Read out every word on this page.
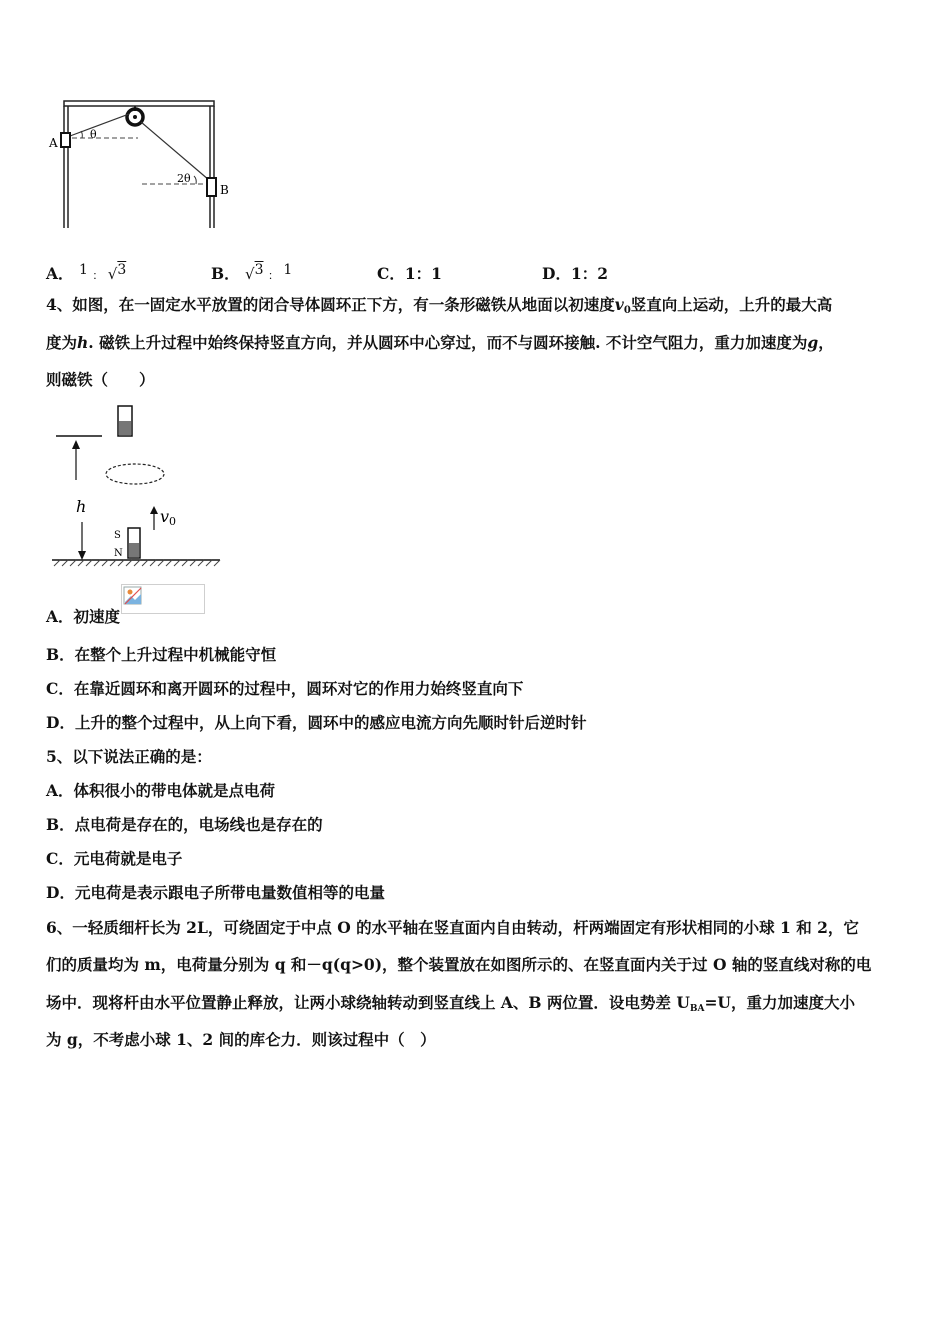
A
B
θ
2θ
A． 1 ： √3	B． √3 ： 1	C．1：1	D．1：2
4、如图，在一固定水平放置的闭合导体圆环正下方，有一条形磁铁从地面以初速度$v_0$竖直向上运动，上升的最大高
度为h. 磁铁上升过程中始终保持竖直方向，并从圆环中心穿过，而不与圆环接触. 不计空气阻力，重力加速度为g，
则磁铁（　　）
h
v0
S
N
A．初速度
B．在整个上升过程中机械能守恒
C．在靠近圆环和离开圆环的过程中，圆环对它的作用力始终竖直向下
D．上升的整个过程中，从上向下看，圆环中的感应电流方向先顺时针后逆时针
5、以下说法正确的是：
A．体积很小的带电体就是点电荷
B．点电荷是存在的，电场线也是存在的
C．元电荷就是电子
D．元电荷是表示跟电子所带电量数值相等的电量
6、一轻质细杆长为 2L，可绕固定于中点 O 的水平轴在竖直面内自由转动，杆两端固定有形状相同的小球 1 和 2，它
们的质量均为 m，电荷量分别为 q 和－q(q>0)，整个装置放在如图所示的、在竖直面内关于过 O 轴的竖直线对称的电
场中．现将杆由水平位置静止释放，让两小球绕轴转动到竖直线上 A、B 两位置．设电势差 $U_{BA}=U$，重力加速度大小
为 g，不考虑小球 1、2 间的库仑力．则该过程中（　）
